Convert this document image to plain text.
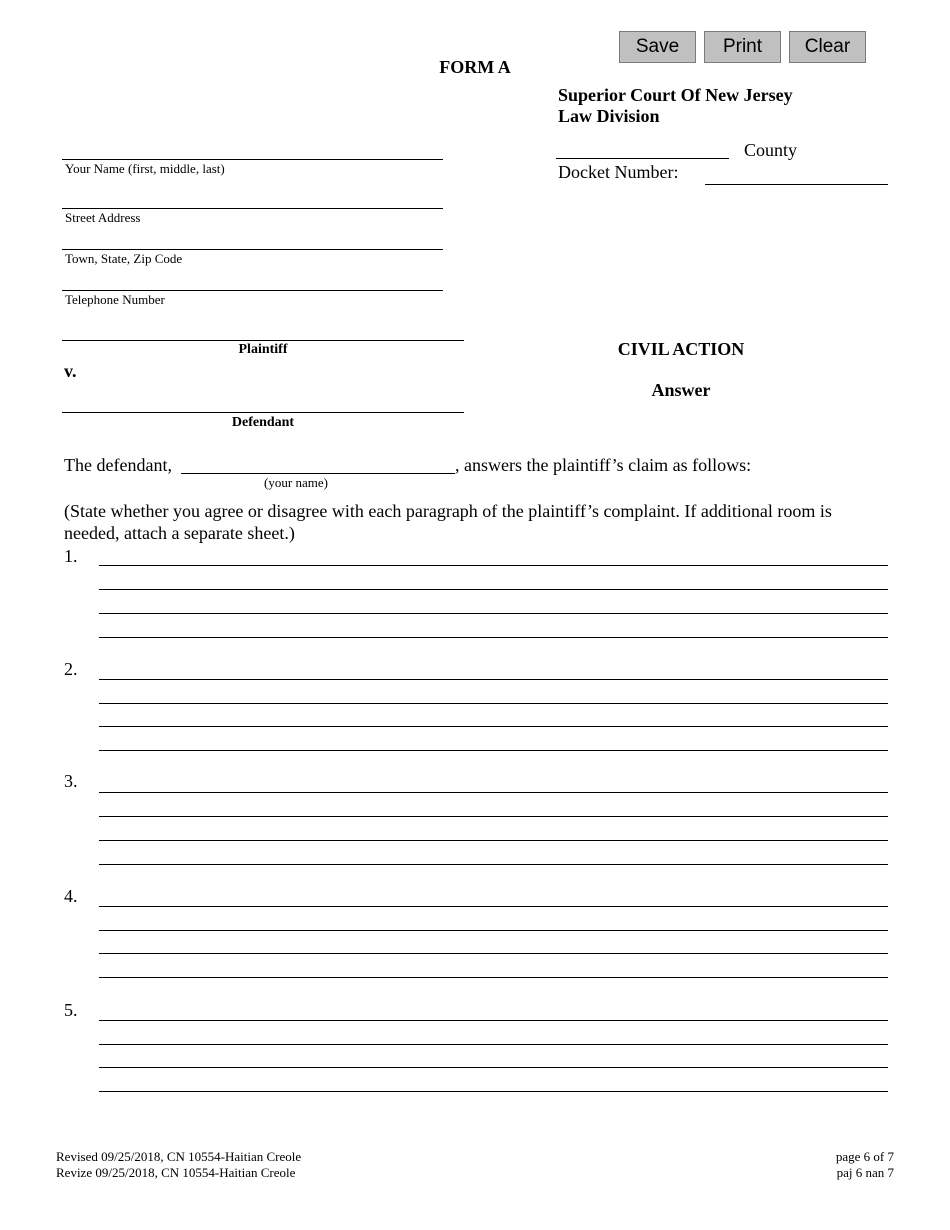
Save	Print	Clear
FORM A
Superior Court Of New Jersey
Law Division
County
Docket Number:
Your Name (first, middle, last)
Street Address
Town, State, Zip Code
Telephone Number
Plaintiff
v.
Defendant
CIVIL ACTION
Answer
The defendant,	, answers the plaintiff’s claim as follows:
(your name)
(State whether you agree or disagree with each paragraph of the plaintiff’s complaint. If additional room is needed, attach a separate sheet.)
1.
2.
3.
4.
5.
Revised 09/25/2018, CN 10554-Haitian Creole
Revize 09/25/2018, CN 10554-Haitian Creole
page 6 of 7
paj 6 nan 7
